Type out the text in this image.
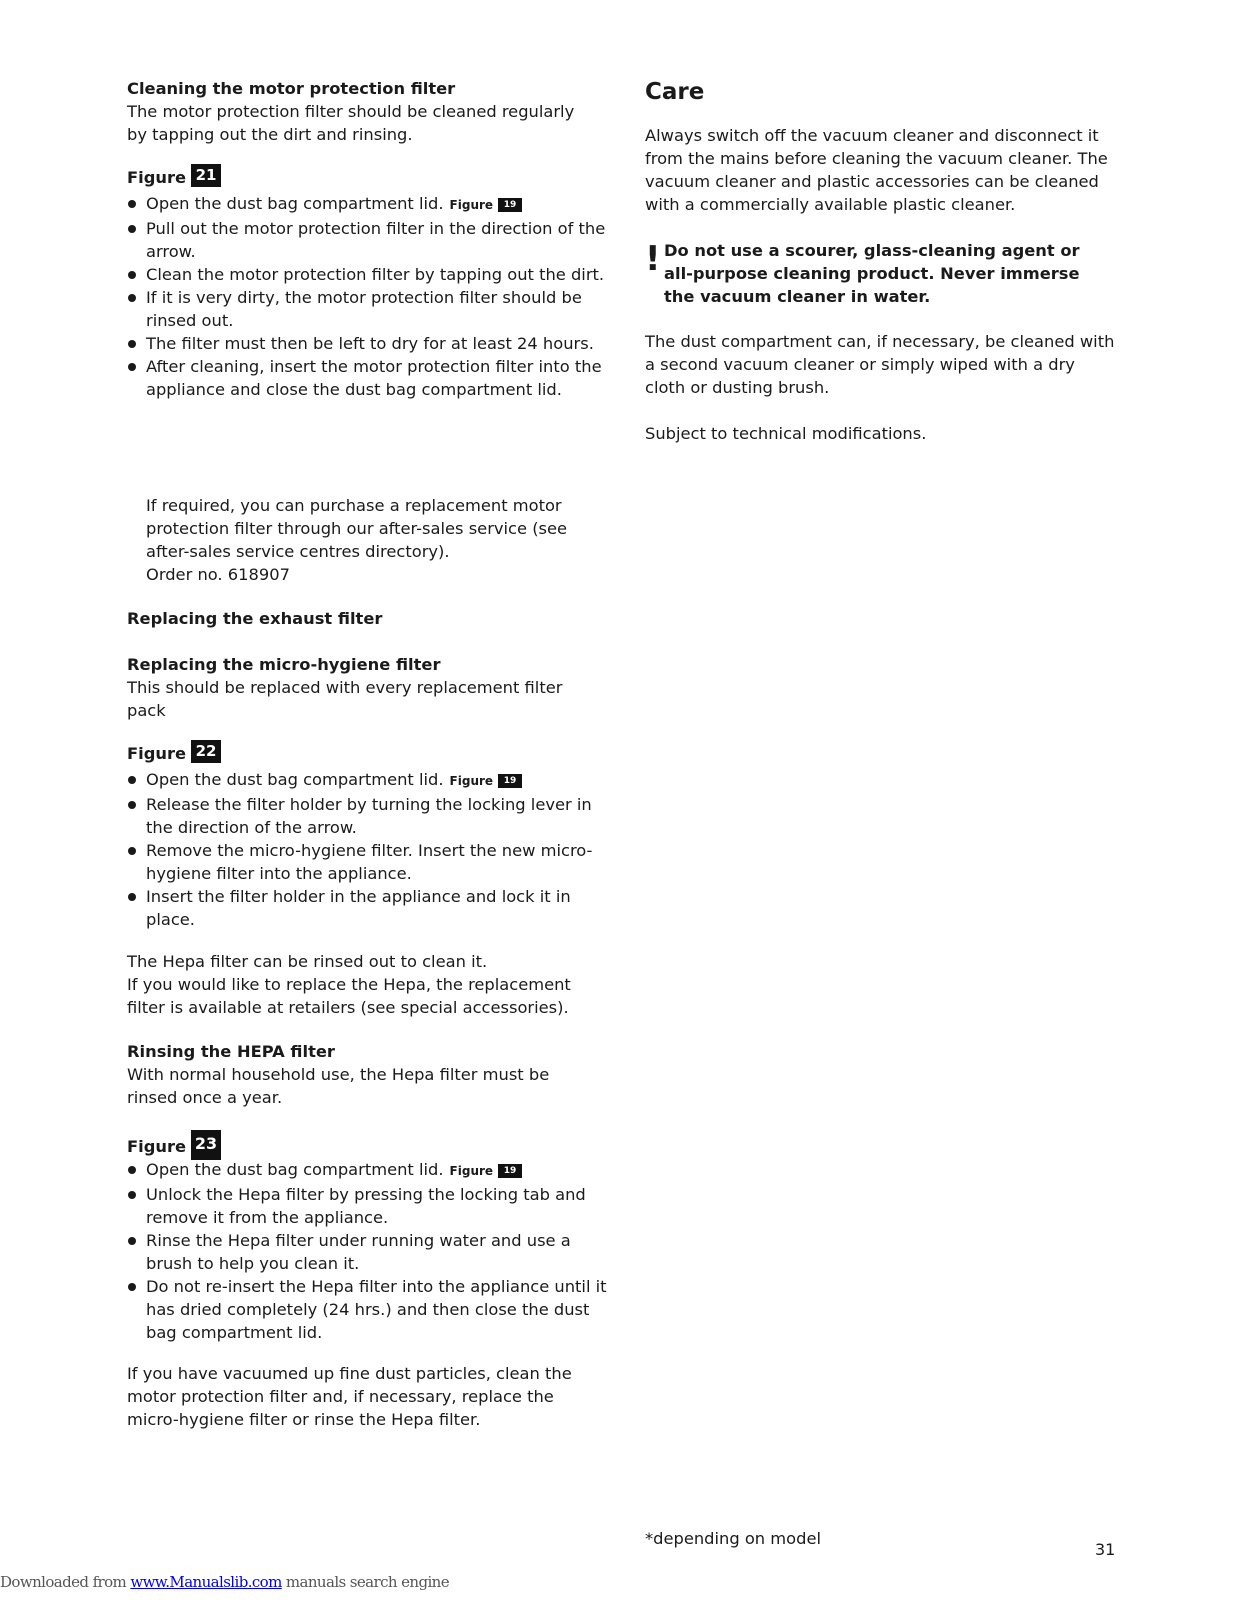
Cleaning the motor protection filter
The motor protection filter should be cleaned regularly by tapping out the dirt and rinsing.
Figure 21
Open the dust bag compartment lid. Figure 19
Pull out the motor protection filter in the direction of the arrow.
Clean the motor protection filter by tapping out the dirt.
If it is very dirty, the motor protection filter should be rinsed out.
The filter must then be left to dry for at least 24 hours.
After cleaning, insert the motor protection filter into the appliance and close the dust bag compartment lid.
If required, you can purchase a replacement motor protection filter through our after-sales service (see after-sales service centres directory).
Order no. 618907
Replacing the exhaust filter
Replacing the micro-hygiene filter
This should be replaced with every replacement filter pack
Figure 22
Open the dust bag compartment lid. Figure 19
Release the filter holder by turning the locking lever in the direction of the arrow.
Remove the micro-hygiene filter. Insert the new micro-hygiene filter into the appliance.
Insert the filter holder in the appliance and lock it in place.
The Hepa filter can be rinsed out to clean it.
If you would like to replace the Hepa, the replacement filter is available at retailers (see special accessories).
Rinsing the HEPA filter
With normal household use, the Hepa filter must be rinsed once a year.
Figure 23
Open the dust bag compartment lid. Figure 19
Unlock the Hepa filter by pressing the locking tab and remove it from the appliance.
Rinse the Hepa filter under running water and use a brush to help you clean it.
Do not re-insert the Hepa filter into the appliance until it has dried completely (24 hrs.) and then close the dust bag compartment lid.
If you have vacuumed up fine dust particles, clean the motor protection filter and, if necessary, replace the micro-hygiene filter or rinse the Hepa filter.
Care
Always switch off the vacuum cleaner and disconnect it from the mains before cleaning the vacuum cleaner. The vacuum cleaner and plastic accessories can be cleaned with a commercially available plastic cleaner.
! Do not use a scourer, glass-cleaning agent or all-purpose cleaning product. Never immerse the vacuum cleaner in water.
The dust compartment can, if necessary, be cleaned with a second vacuum cleaner or simply wiped with a dry cloth or dusting brush.
Subject to technical modifications.
*depending on model
31
Downloaded from www.Manualslib.com manuals search engine
